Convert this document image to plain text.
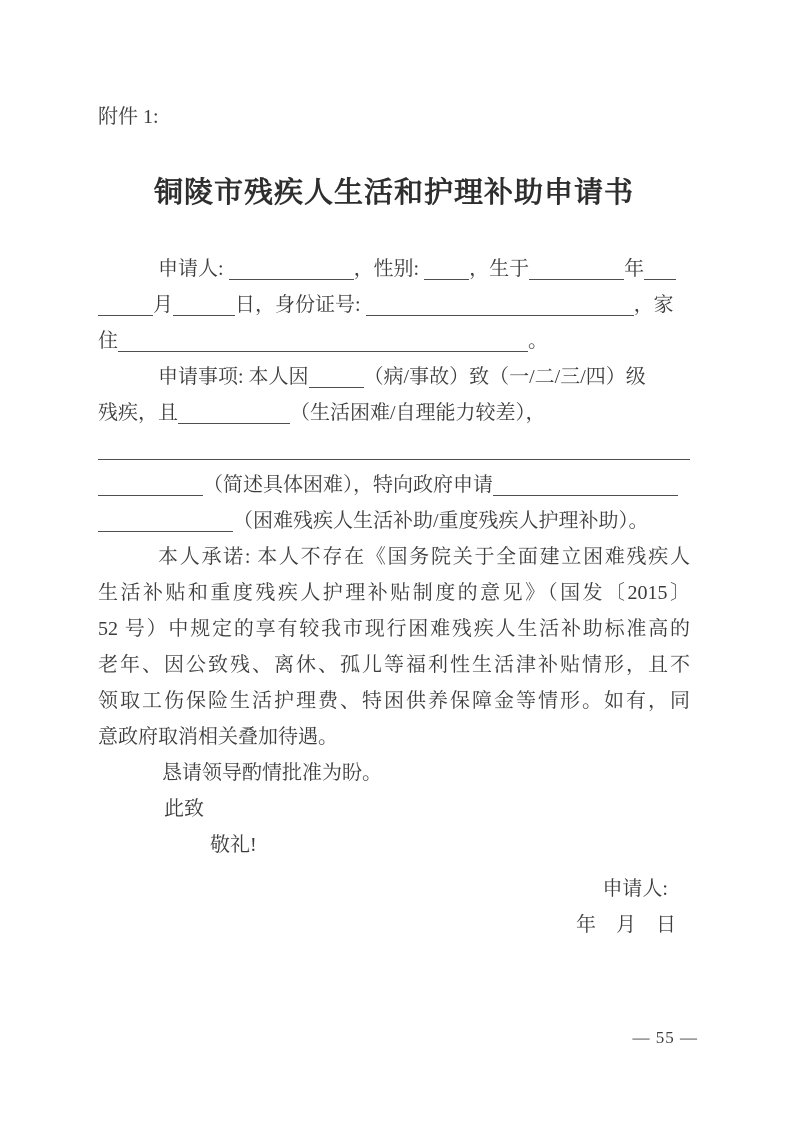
附件 1:
铜陵市残疾人生活和护理补助申请书
申请人:	，性别: ，生于	年
月	日，身份证号:	，家
住	。
申请事项: 本人因	（病/事故）致（一/二/三/四）级
残疾，且	（生活困难/自理能力较差），
（简述具体困难），特向政府申请
（困难残疾人生活补助/重度残疾人护理补助）。
本人承诺: 本人不存在《国务院关于全面建立困难残疾人
生活补贴和重度残疾人护理补贴制度的意见》（国发〔2015〕
52 号）中规定的享有较我市现行困难残疾人生活补助标准高的
老年、因公致残、离休、孤儿等福利性生活津补贴情形，且不
领取工伤保险生活护理费、特困供养保障金等情形。如有，同
意政府取消相关叠加待遇。
恳请领导酌情批准为盼。
此致
敬礼!
申请人:
年　月　日
— 55 —
